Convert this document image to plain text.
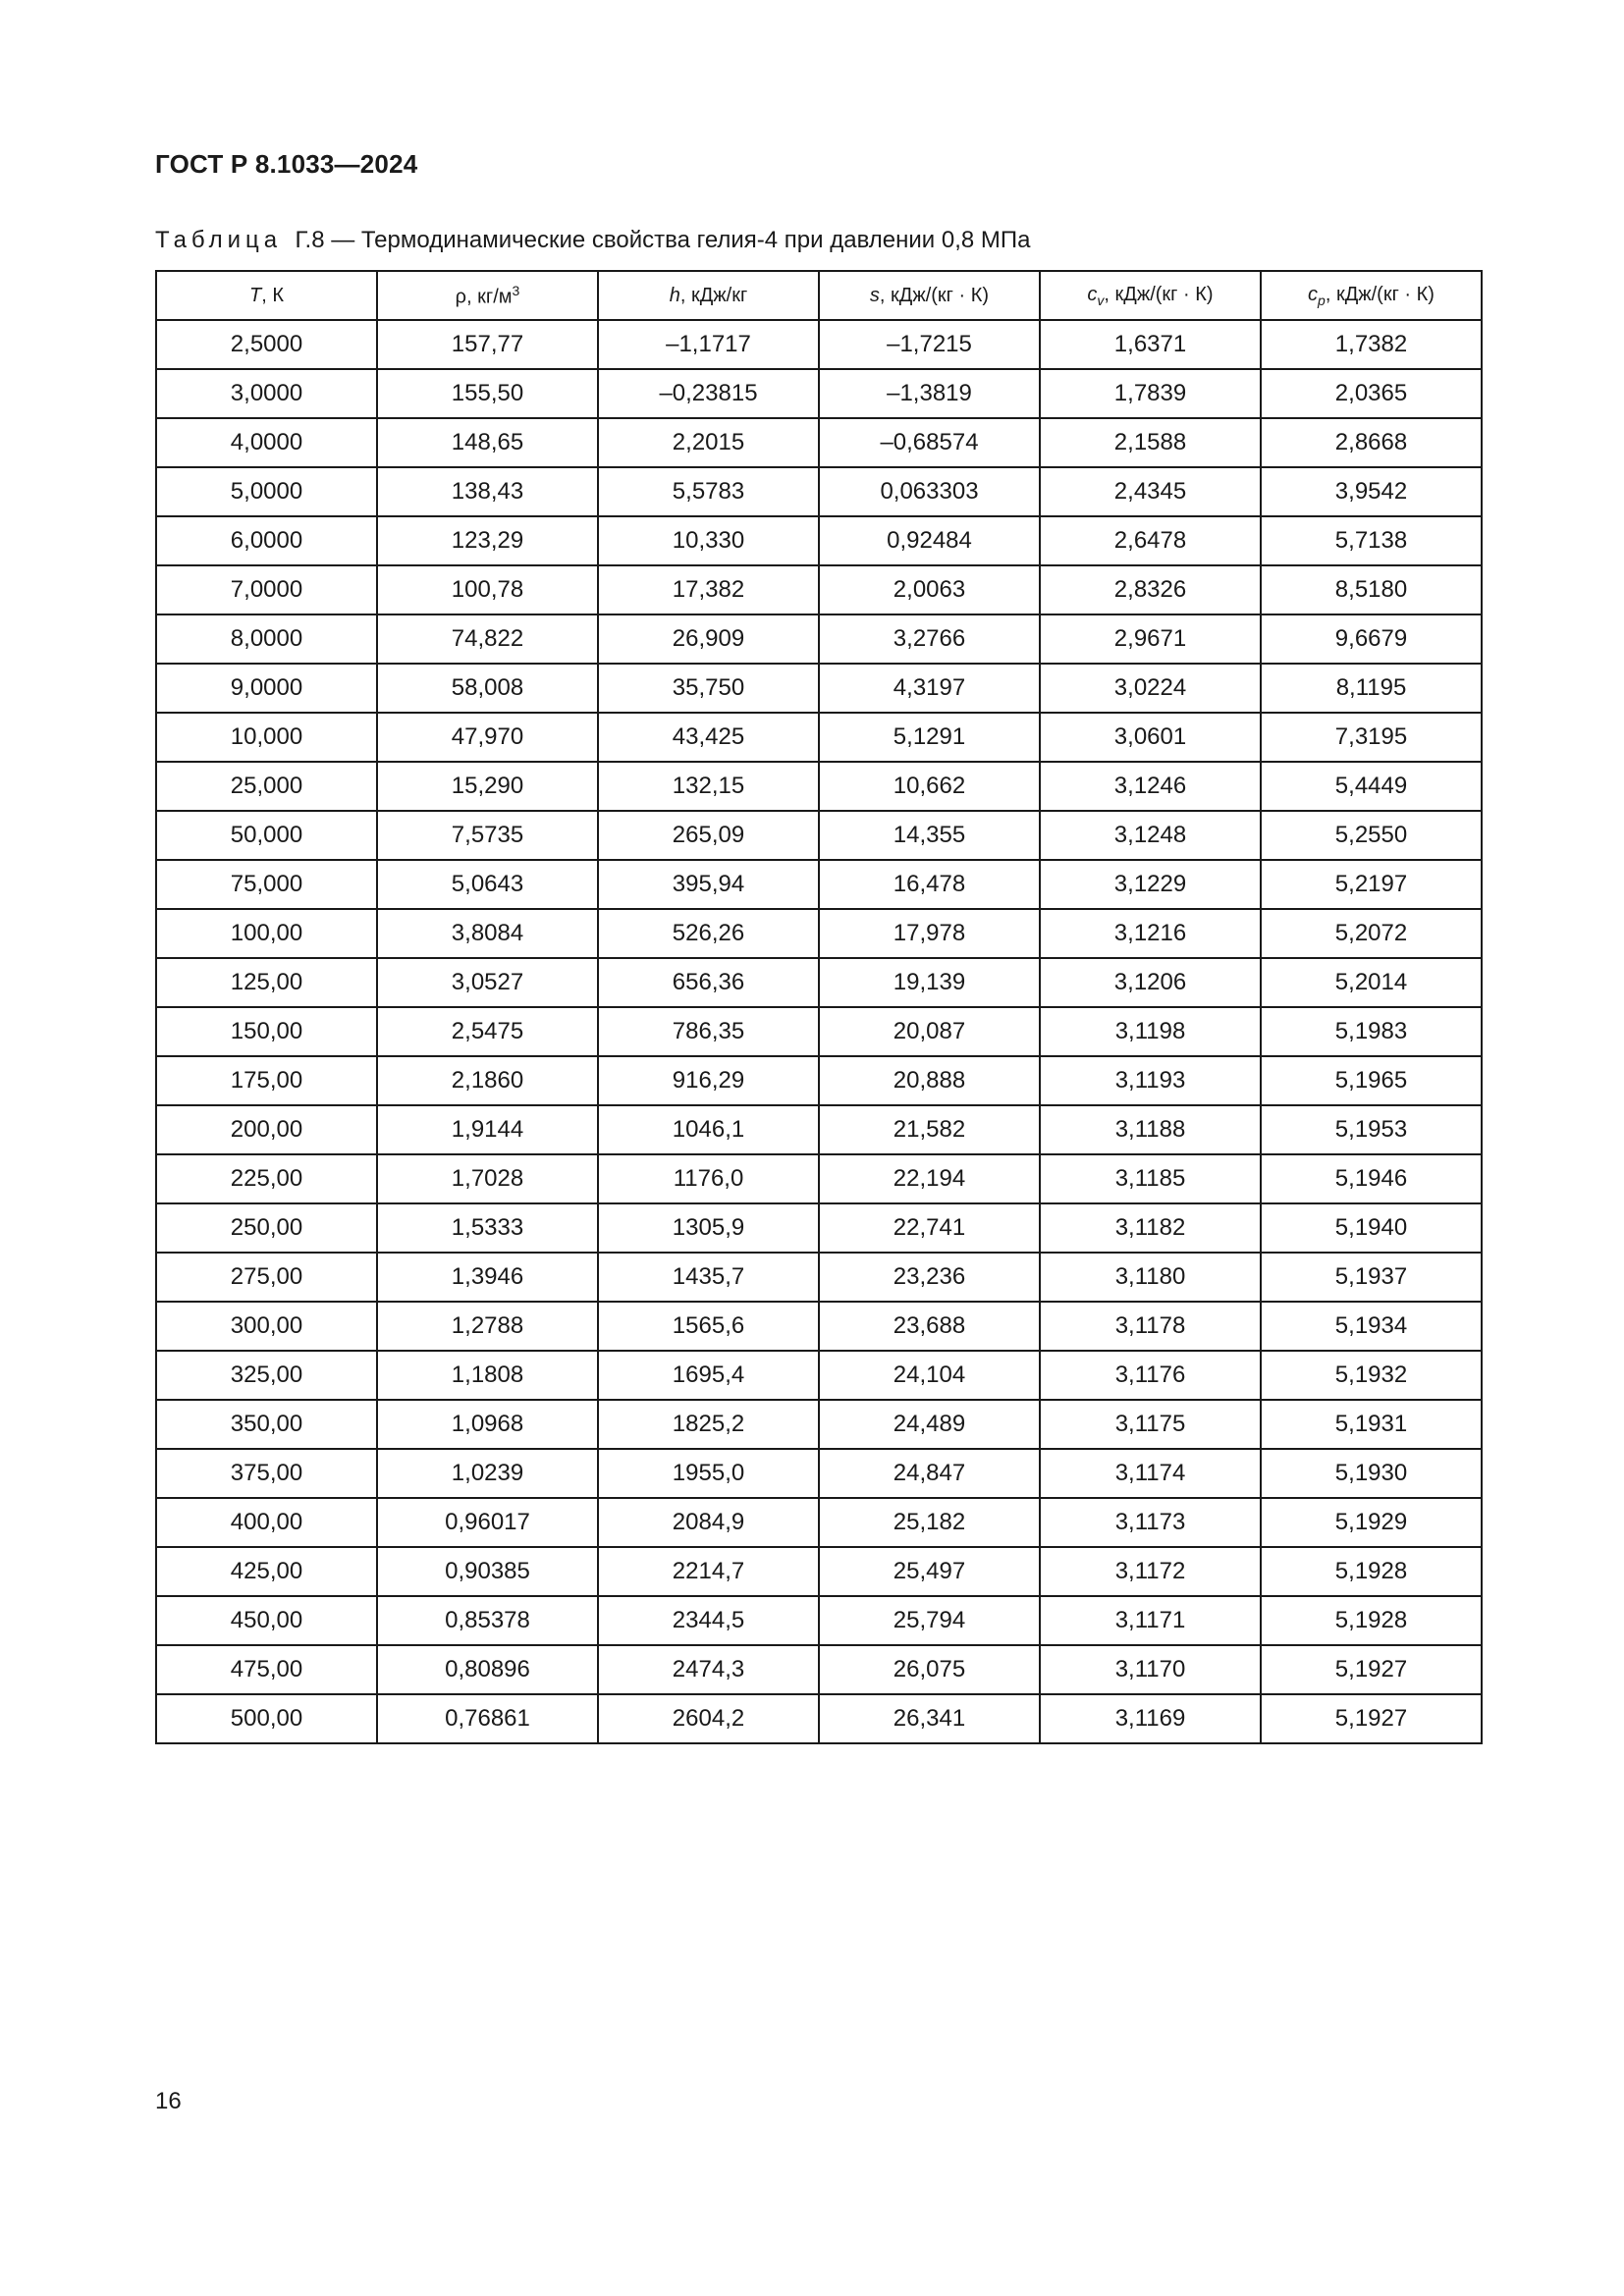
ГОСТ Р 8.1033—2024
Таблица Г.8 — Термодинамические свойства гелия-4 при давлении 0,8 МПа
T, К	ρ, $кг/м^3$	h, кДж/кг	s, кДж/(кг · К)	$c_v$, кДж/(кг · К)	$c_p$, кДж/(кг · К)
2,5000	157,77	–1,1717	–1,7215	1,6371	1,7382
3,0000	155,50	–0,23815	–1,3819	1,7839	2,0365
4,0000	148,65	2,2015	–0,68574	2,1588	2,8668
5,0000	138,43	5,5783	0,063303	2,4345	3,9542
6,0000	123,29	10,330	0,92484	2,6478	5,7138
7,0000	100,78	17,382	2,0063	2,8326	8,5180
8,0000	74,822	26,909	3,2766	2,9671	9,6679
9,0000	58,008	35,750	4,3197	3,0224	8,1195
10,000	47,970	43,425	5,1291	3,0601	7,3195
25,000	15,290	132,15	10,662	3,1246	5,4449
50,000	7,5735	265,09	14,355	3,1248	5,2550
75,000	5,0643	395,94	16,478	3,1229	5,2197
100,00	3,8084	526,26	17,978	3,1216	5,2072
125,00	3,0527	656,36	19,139	3,1206	5,2014
150,00	2,5475	786,35	20,087	3,1198	5,1983
175,00	2,1860	916,29	20,888	3,1193	5,1965
200,00	1,9144	1046,1	21,582	3,1188	5,1953
225,00	1,7028	1176,0	22,194	3,1185	5,1946
250,00	1,5333	1305,9	22,741	3,1182	5,1940
275,00	1,3946	1435,7	23,236	3,1180	5,1937
300,00	1,2788	1565,6	23,688	3,1178	5,1934
325,00	1,1808	1695,4	24,104	3,1176	5,1932
350,00	1,0968	1825,2	24,489	3,1175	5,1931
375,00	1,0239	1955,0	24,847	3,1174	5,1930
400,00	0,96017	2084,9	25,182	3,1173	5,1929
425,00	0,90385	2214,7	25,497	3,1172	5,1928
450,00	0,85378	2344,5	25,794	3,1171	5,1928
475,00	0,80896	2474,3	26,075	3,1170	5,1927
500,00	0,76861	2604,2	26,341	3,1169	5,1927
16
